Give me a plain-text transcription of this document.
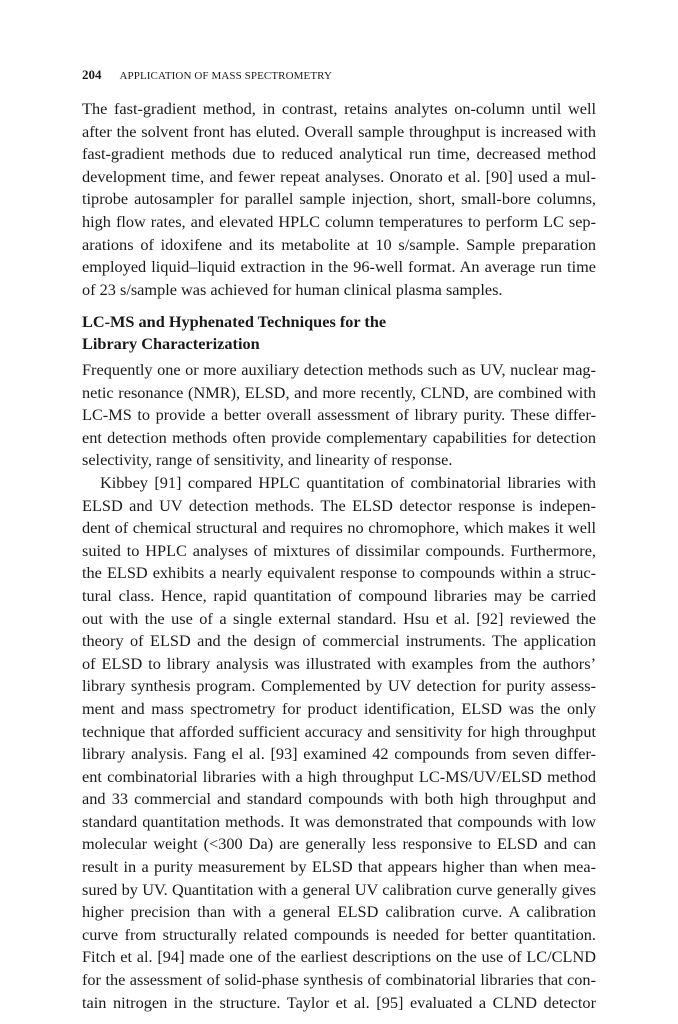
204 APPLICATION OF MASS SPECTROMETRY
The fast-gradient method, in contrast, retains analytes on-column until well
after the solvent front has eluted. Overall sample throughput is increased with
fast-gradient methods due to reduced analytical run time, decreased method
development time, and fewer repeat analyses. Onorato et al. [90] used a mul-
tiprobe autosampler for parallel sample injection, short, small-bore columns,
high flow rates, and elevated HPLC column temperatures to perform LC sep-
arations of idoxifene and its metabolite at 10 s/sample. Sample preparation
employed liquid–liquid extraction in the 96-well format. An average run time
of 23 s/sample was achieved for human clinical plasma samples.
LC-MS and Hyphenated Techniques for the
Library Characterization
Frequently one or more auxiliary detection methods such as UV, nuclear mag-
netic resonance (NMR), ELSD, and more recently, CLND, are combined with
LC-MS to provide a better overall assessment of library purity. These differ-
ent detection methods often provide complementary capabilities for detection
selectivity, range of sensitivity, and linearity of response.
Kibbey [91] compared HPLC quantitation of combinatorial libraries with
ELSD and UV detection methods. The ELSD detector response is indepen-
dent of chemical structural and requires no chromophore, which makes it well
suited to HPLC analyses of mixtures of dissimilar compounds. Furthermore,
the ELSD exhibits a nearly equivalent response to compounds within a struc-
tural class. Hence, rapid quantitation of compound libraries may be carried
out with the use of a single external standard. Hsu et al. [92] reviewed the
theory of ELSD and the design of commercial instruments. The application
of ELSD to library analysis was illustrated with examples from the authors’
library synthesis program. Complemented by UV detection for purity assess-
ment and mass spectrometry for product identification, ELSD was the only
technique that afforded sufficient accuracy and sensitivity for high throughput
library analysis. Fang el al. [93] examined 42 compounds from seven differ-
ent combinatorial libraries with a high throughput LC-MS/UV/ELSD method
and 33 commercial and standard compounds with both high throughput and
standard quantitation methods. It was demonstrated that compounds with low
molecular weight (<300 Da) are generally less responsive to ELSD and can
result in a purity measurement by ELSD that appears higher than when mea-
sured by UV. Quantitation with a general UV calibration curve generally gives
higher precision than with a general ELSD calibration curve. A calibration
curve from structurally related compounds is needed for better quantitation.
Fitch et al. [94] made one of the earliest descriptions on the use of LC/CLND
for the assessment of solid-phase synthesis of combinatorial libraries that con-
tain nitrogen in the structure. Taylor et al. [95] evaluated a CLND detector
